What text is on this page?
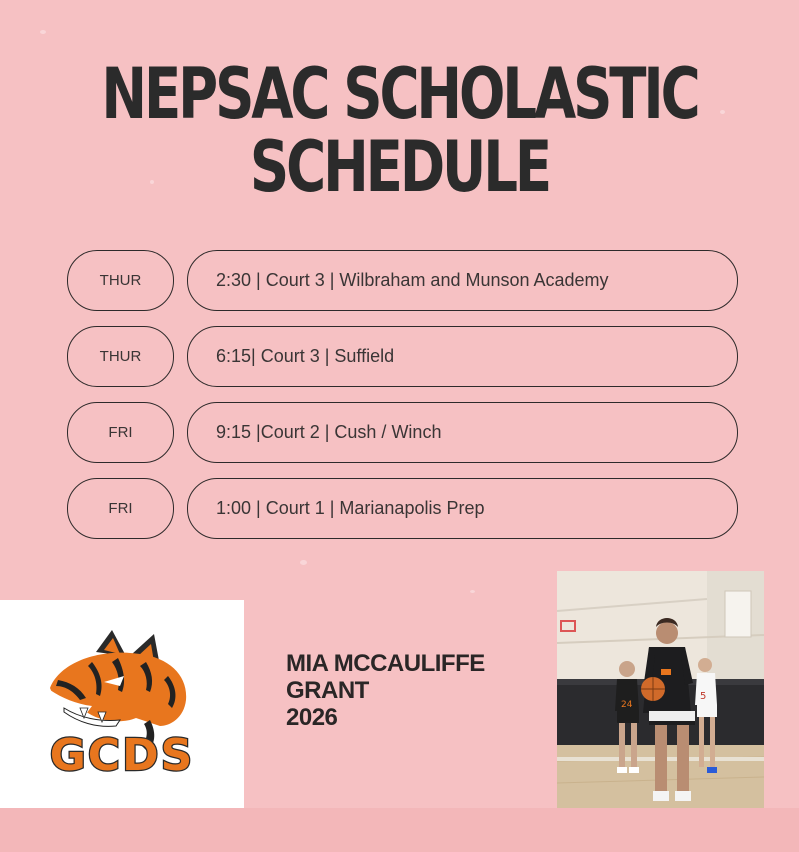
NEPSAC SCHOLASTIC
SCHEDULE
THUR	2:30 | Court 3 | Wilbraham and Munson Academy
THUR	6:15| Court 3 | Suffield
FRI	9:15 |Court 2 | Cush / Winch
FRI	1:00 | Court 1 | Marianapolis Prep
GCDS
MIA MCCAULIFFE
GRANT
2026	24
5
